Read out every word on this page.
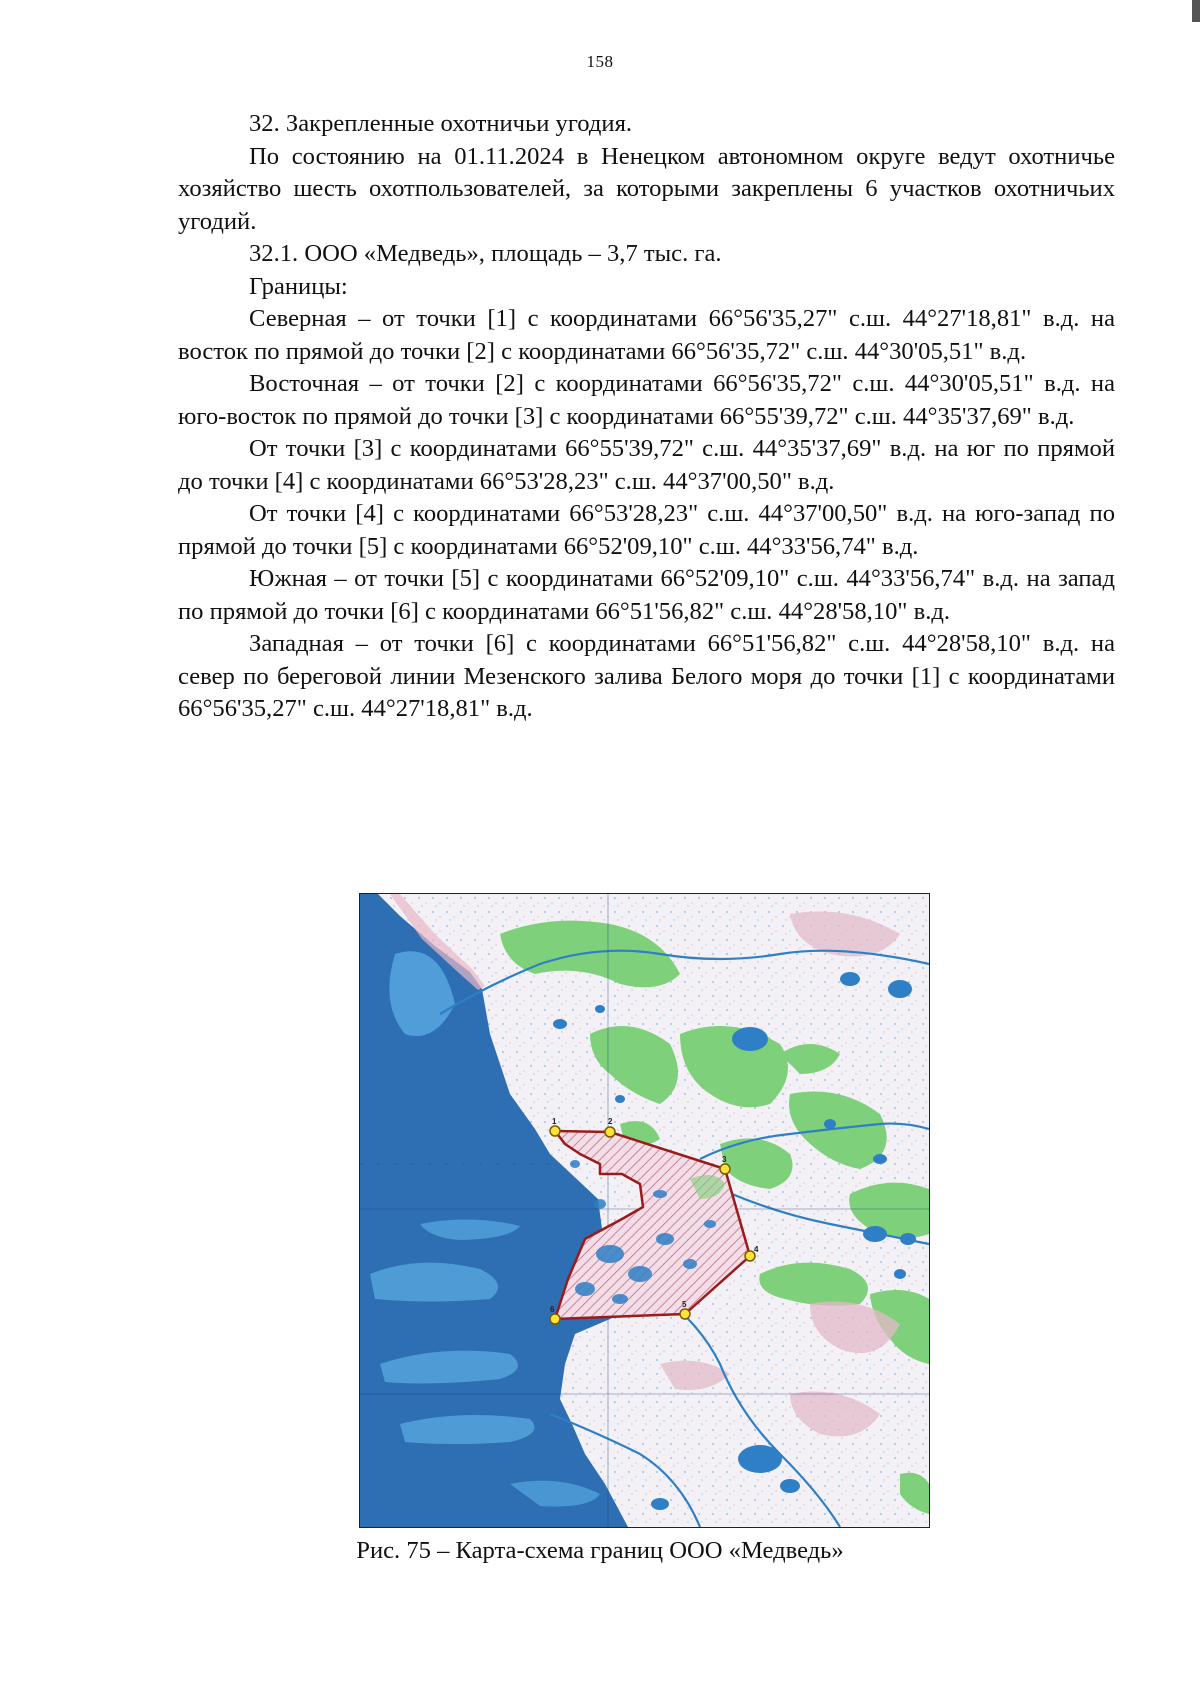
158

32. Закрепленные охотничьи угодия.

По состоянию на 01.11.2024 в Ненецком автономном округе ведут охотничье хозяйство шесть охотпользователей, за которыми закреплены 6 участков охотничьих угодий.

32.1. ООО «Медведь», площадь – 3,7 тыс. га.

Границы:

Северная – от точки [1] с координатами 66°56'35,27" с.ш. 44°27'18,81" в.д. на восток по прямой до точки [2] с координатами 66°56'35,72" с.ш. 44°30'05,51" в.д.

Восточная – от точки [2] с координатами 66°56'35,72" с.ш. 44°30'05,51" в.д. на юго-восток по прямой до точки [3] с координатами 66°55'39,72" с.ш. 44°35'37,69" в.д.

От точки [3] с координатами 66°55'39,72" с.ш. 44°35'37,69" в.д. на юг по прямой до точки [4] с координатами 66°53'28,23" с.ш. 44°37'00,50" в.д.

От точки [4] с координатами 66°53'28,23" с.ш. 44°37'00,50" в.д. на юго-запад по прямой до точки [5] с координатами 66°52'09,10" с.ш. 44°33'56,74" в.д.

Южная – от точки [5] с координатами 66°52'09,10" с.ш. 44°33'56,74" в.д. на запад по прямой до точки [6] с координатами 66°51'56,82" с.ш. 44°28'58,10" в.д.

Западная – от точки [6] с координатами 66°51'56,82" с.ш. 44°28'58,10" в.д. на север по береговой линии Мезенского залива Белого моря до точки [1] с координатами 66°56'35,27" с.ш. 44°27'18,81" в.д.

1	2
3
4
5
6
Рис. 75 – Карта-схема границ ООО «Медведь»
